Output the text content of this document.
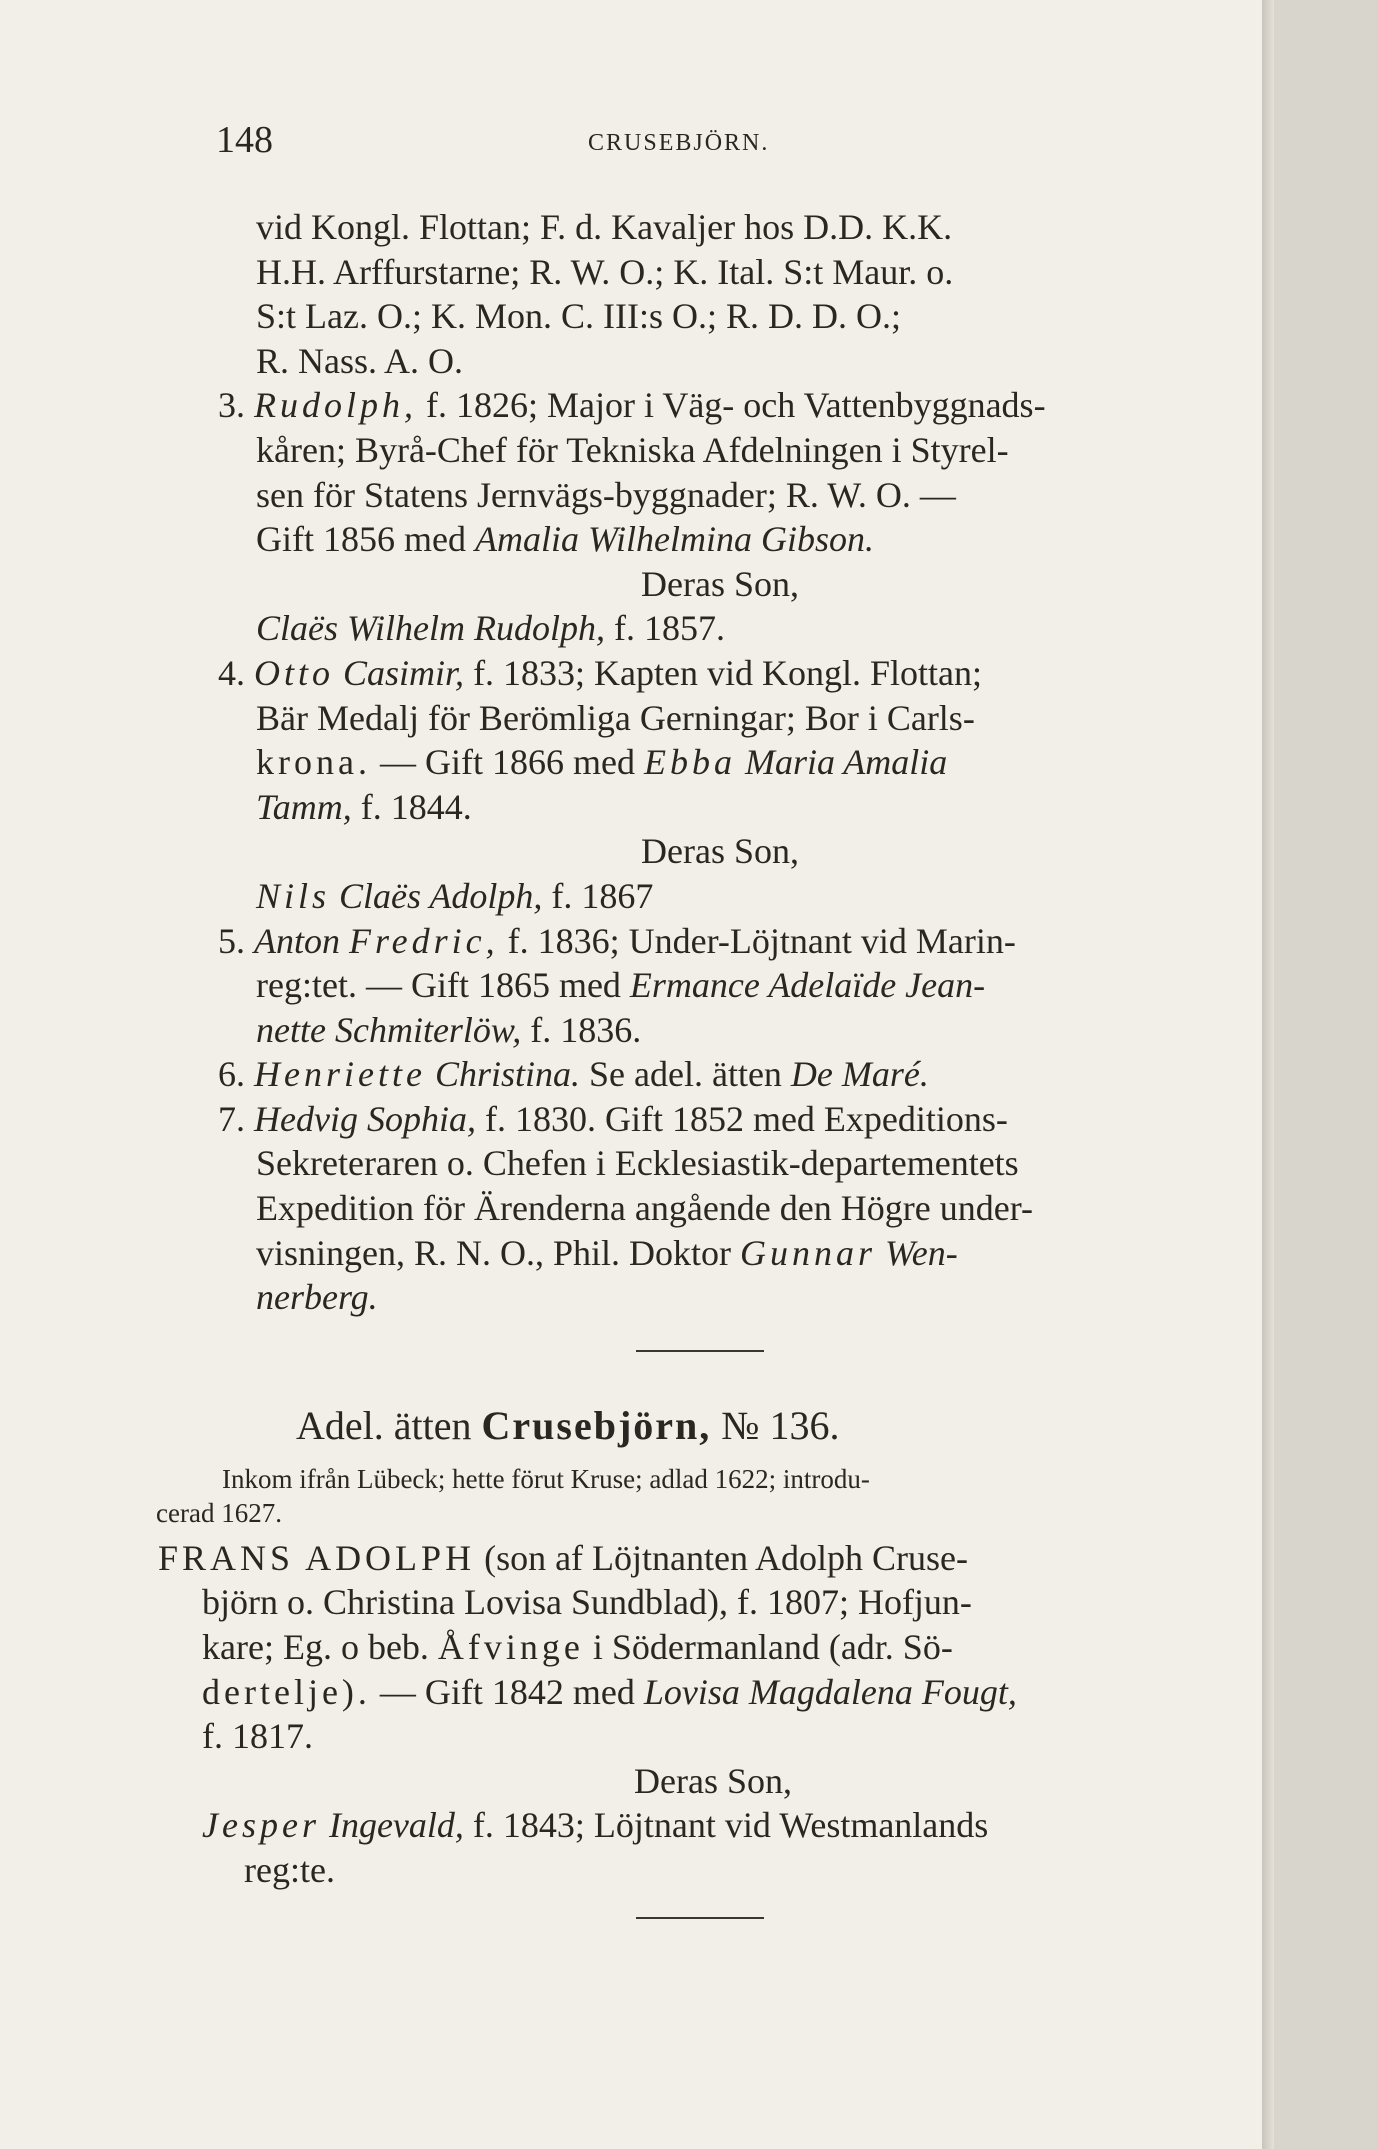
148	CRUSEBJÖRN.
vid Kongl. Flottan; F. d. Kavaljer hos D.D. K.K.
H.H. Arffurstarne; R. W. O.; K. Ital. S:t Maur. o.
S:t Laz. O.; K. Mon. C. III:s O.; R. D. D. O.;
R. Nass. A. O.
3. Rudolph, f. 1826; Major i Väg- och Vattenbyggnads-
kåren; Byrå-Chef för Tekniska Afdelningen i Styrel-
sen för Statens Jernvägs-byggnader; R. W. O. —
Gift 1856 med Amalia Wilhelmina Gibson.
Deras Son,
Claës Wilhelm Rudolph, f. 1857.
4. Otto Casimir, f. 1833; Kapten vid Kongl. Flottan;
Bär Medalj för Berömliga Gerningar; Bor i Carls-
krona. — Gift 1866 med Ebba Maria Amalia
Tamm, f. 1844.
Deras Son,
Nils Claës Adolph, f. 1867
5. Anton Fredric, f. 1836; Under-Löjtnant vid Marin-
reg:tet. — Gift 1865 med Ermance Adelaïde Jean-
nette Schmiterlöw, f. 1836.
6. Henriette Christina. Se adel. ätten De Maré.
7. Hedvig Sophia, f. 1830. Gift 1852 med Expeditions-
Sekreteraren o. Chefen i Ecklesiastik-departementets
Expedition för Ärenderna angående den Högre under-
visningen, R. N. O., Phil. Doktor Gunnar Wen-
nerberg.
Adel. ätten Crusebjörn, № 136.
Inkom ifrån Lübeck; hette förut Kruse; adlad 1622; introdu-
cerad 1627.
FRANS ADOLPH (son af Löjtnanten Adolph Cruse-
björn o. Christina Lovisa Sundblad), f. 1807; Hofjun-
kare; Eg. o beb. Åfvinge i Södermanland (adr. Sö-
dertelje). — Gift 1842 med Lovisa Magdalena Fougt,
f. 1817.
Deras Son,
Jesper Ingevald, f. 1843; Löjtnant vid Westmanlands
reg:te.
